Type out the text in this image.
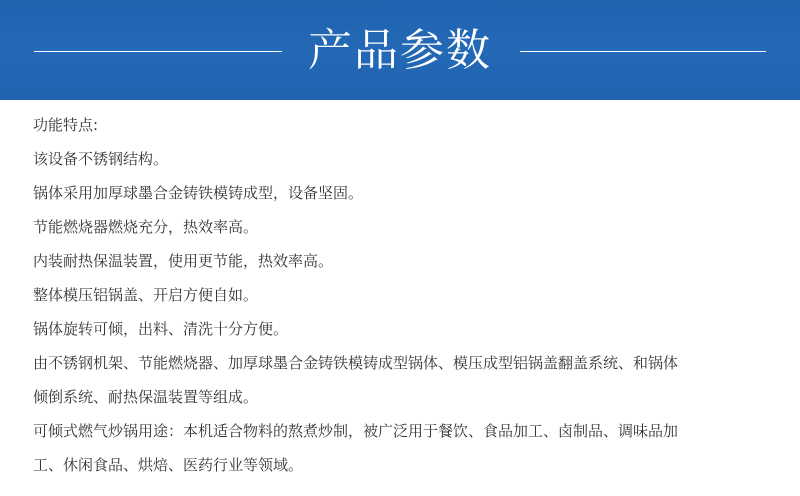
产品参数
功能特点:
该设备不锈钢结构。
锅体采用加厚球墨合金铸铁模铸成型，设备坚固。
节能燃烧器燃烧充分，热效率高。
内装耐热保温装置，使用更节能，热效率高。
整体模压铝锅盖、开启方便自如。
锅体旋转可倾，出料、清洗十分方便。
由不锈钢机架、节能燃烧器、加厚球墨合金铸铁模铸成型锅体、模压成型铝锅盖翻盖系统、和锅体
倾倒系统、耐热保温装置等组成。
可倾式燃气炒锅用途：本机适合物料的熬煮炒制，被广泛用于餐饮、食品加工、卤制品、调味品加
工、休闲食品、烘焙、医药行业等领域。
